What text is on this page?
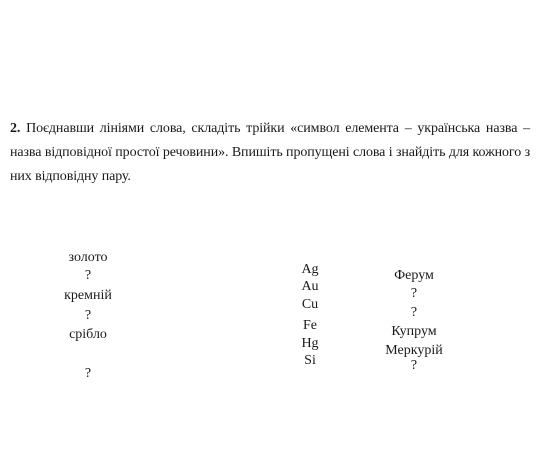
2. Поєднавши лініями слова, складіть трійки «символ елемента – українська назва – назва відповідної простої речовини». Впишіть пропущені слова і знайдіть для кожного з них відповідну пару.

золото
?
кремній
?
срібло
?
Ag
Au
Cu
Fe
Hg
Si
Ферум
?
?
Купрум
Меркурій
?
